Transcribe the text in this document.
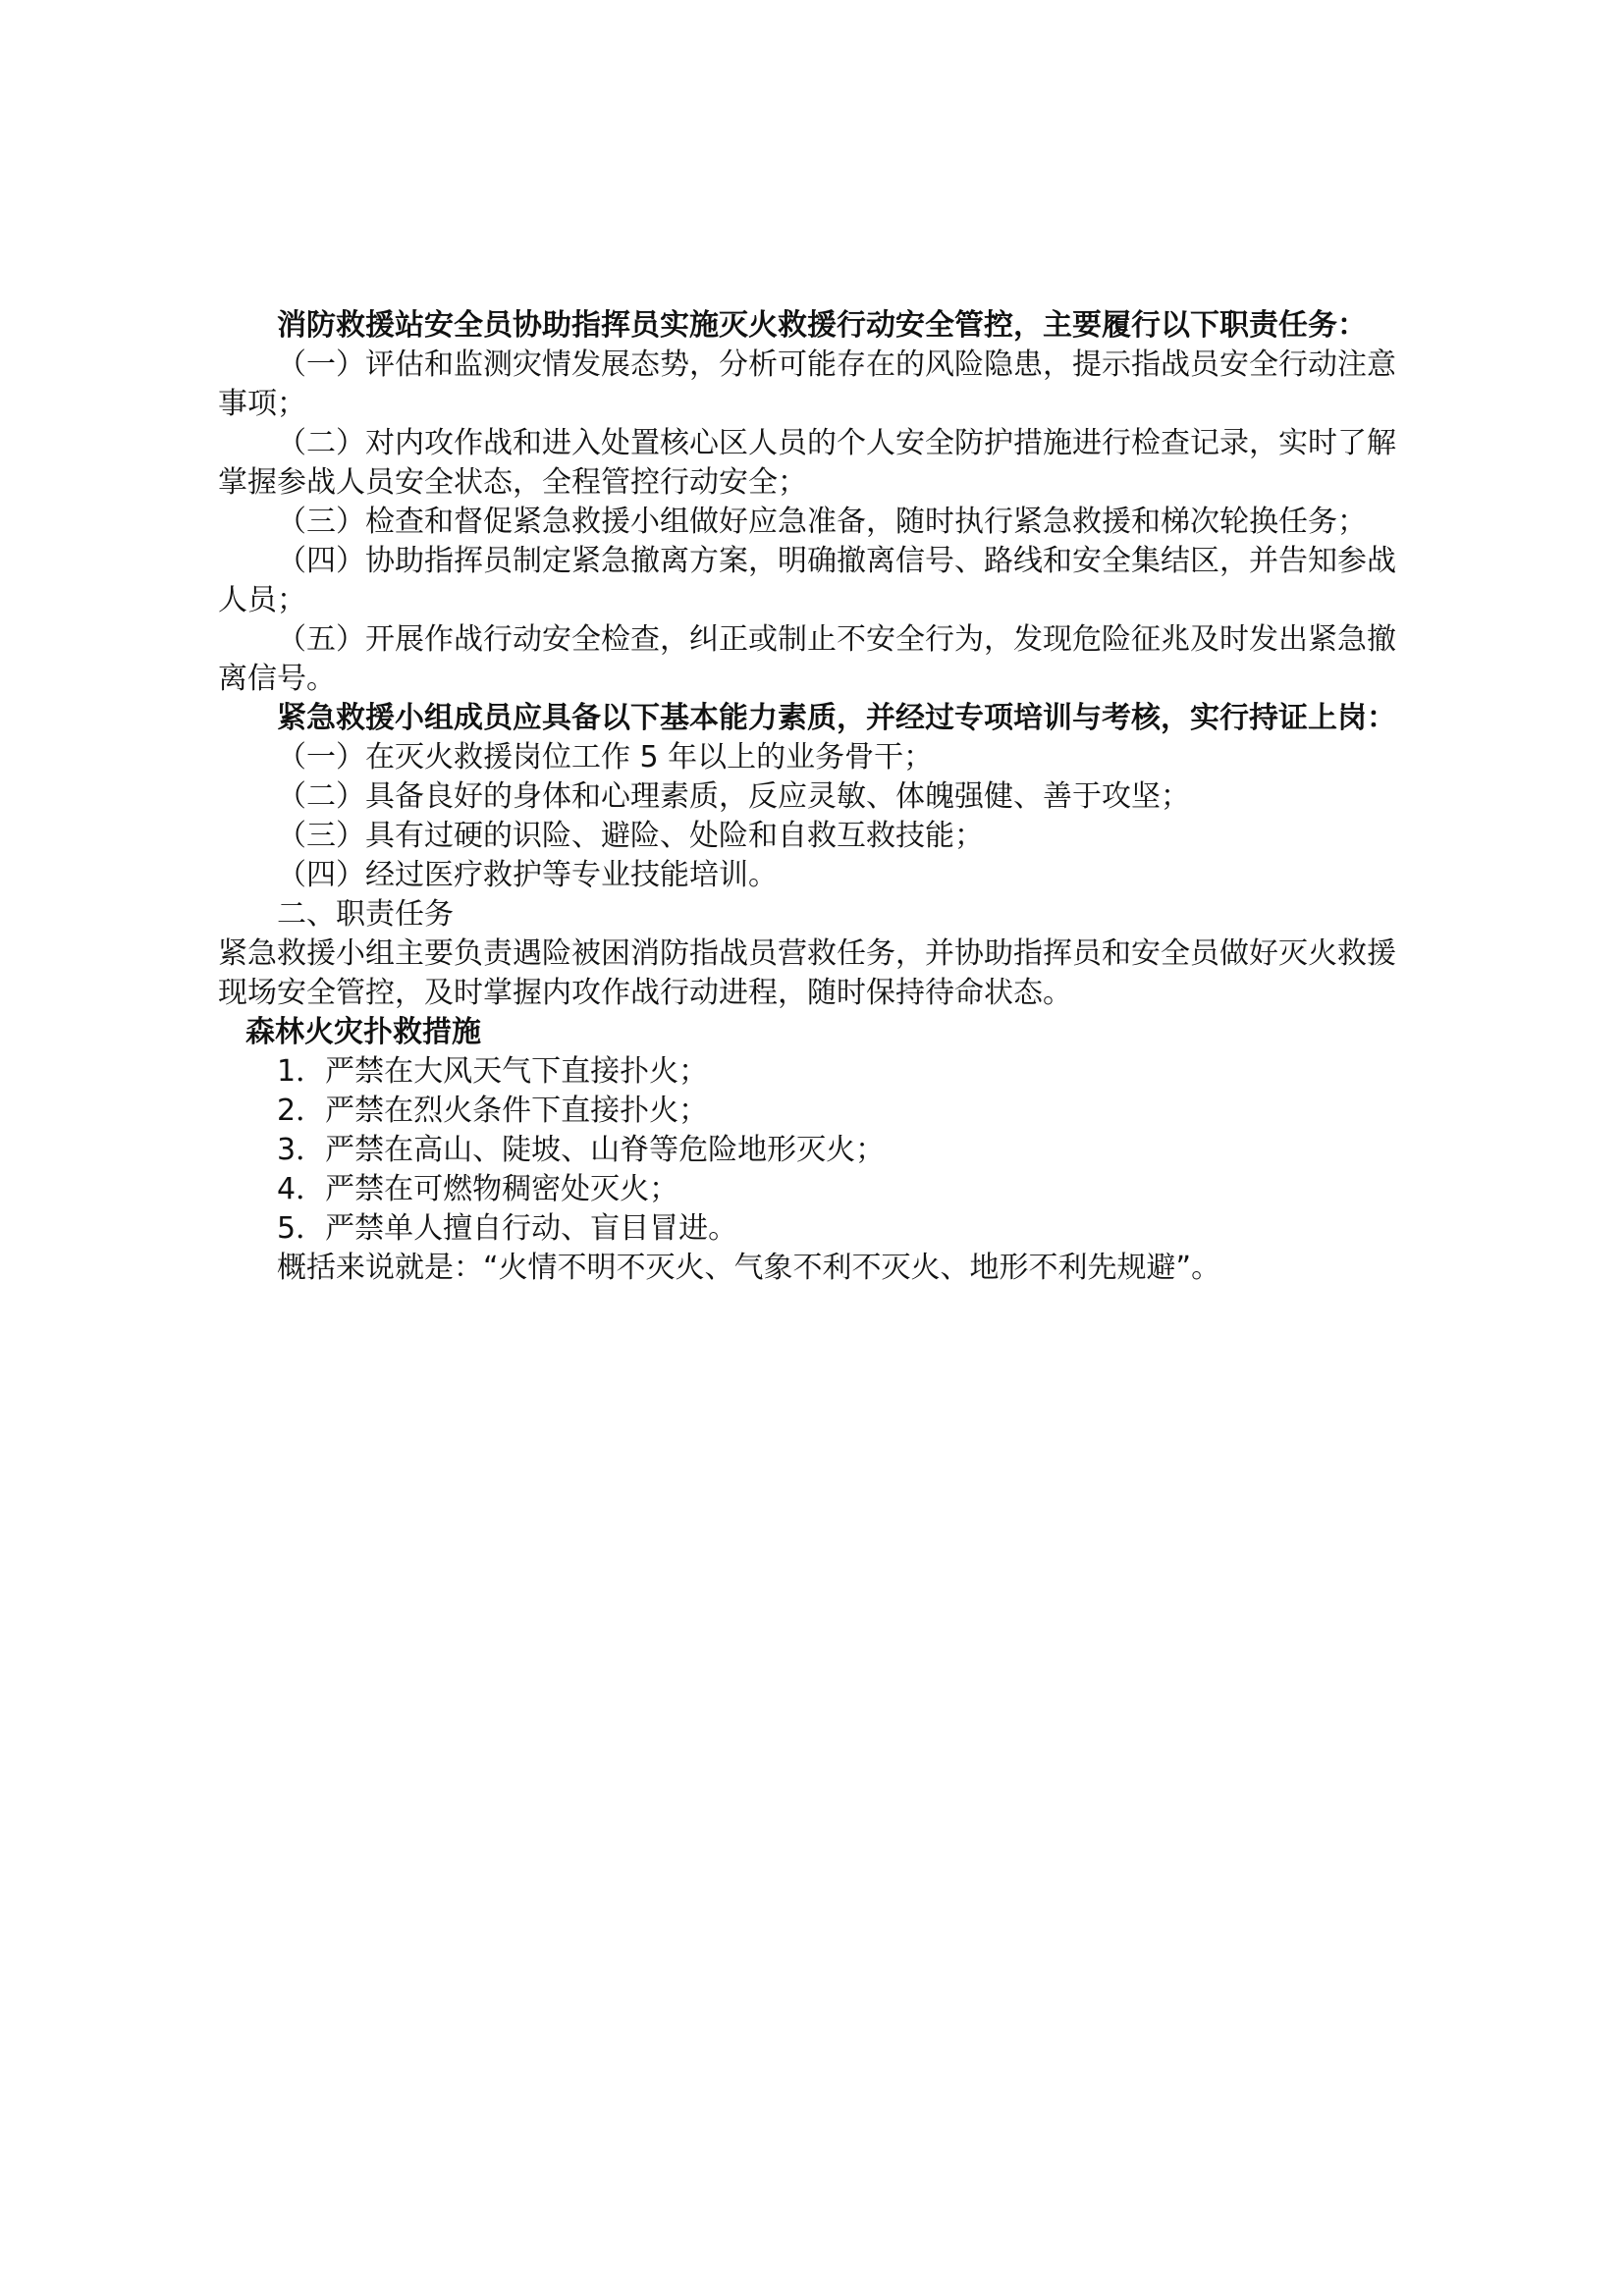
消防救援站安全员协助指挥员实施灭火救援行动安全管控，主要履行以下职责任务：
（一）评估和监测灾情发展态势，分析可能存在的风险隐患，提示指战员安全行动注意
事项；
（二）对内攻作战和进入处置核心区人员的个人安全防护措施进行检查记录，实时了解
掌握参战人员安全状态，全程管控行动安全；
（三）检查和督促紧急救援小组做好应急准备，随时执行紧急救援和梯次轮换任务；
（四）协助指挥员制定紧急撤离方案，明确撤离信号、路线和安全集结区，并告知参战
人员；
（五）开展作战行动安全检查，纠正或制止不安全行为，发现危险征兆及时发出紧急撤
离信号。
紧急救援小组成员应具备以下基本能力素质，并经过专项培训与考核，实行持证上岗：
（一）在灭火救援岗位工作 5 年以上的业务骨干；
（二）具备良好的身体和心理素质，反应灵敏、体魄强健、善于攻坚；
（三）具有过硬的识险、避险、处险和自救互救技能；
（四）经过医疗救护等专业技能培训。
二、职责任务
紧急救援小组主要负责遇险被困消防指战员营救任务，并协助指挥员和安全员做好灭火救援
现场安全管控，及时掌握内攻作战行动进程，随时保持待命状态。
森林火灾扑救措施
1．严禁在大风天气下直接扑火；
2．严禁在烈火条件下直接扑火；
3．严禁在高山、陡坡、山脊等危险地形灭火；
4．严禁在可燃物稠密处灭火；
5．严禁单人擅自行动、盲目冒进。
概括来说就是：“火情不明不灭火、气象不利不灭火、地形不利先规避”。
